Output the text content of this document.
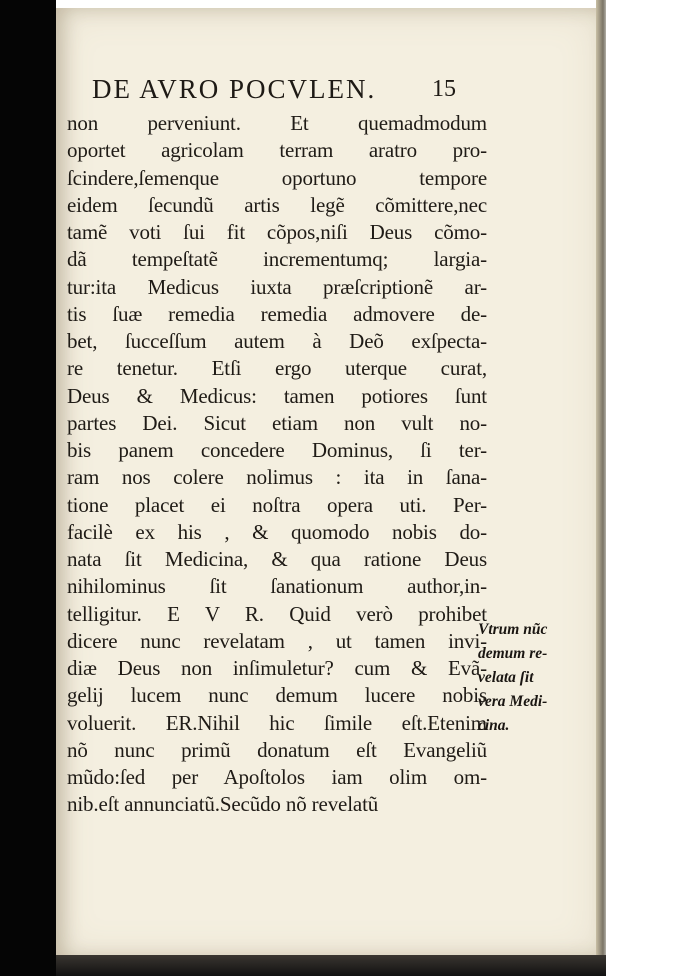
DE AVRO POCVLEN. 15
non perveniunt. Et quemadmodum
oportet agricolam terram aratro pro-
ſcindere,ſemenque oportuno tempore
eidem ſecundũ artis legẽ cõmittere,nec
tamẽ voti ſui fit cõpos,niſi Deus cõmo-
dã tempeſtatẽ incrementumq; largia-
tur:ita Medicus iuxta præſcriptionẽ ar-
tis ſuæ remedia remedia admovere de-
bet, ſucceſſum autem à Deõ exſpecta-
re tenetur. Etſi ergo uterque curat,
Deus & Medicus: tamen potiores ſunt
partes Dei. Sicut etiam non vult no-
bis panem concedere Dominus, ſi ter-
ram nos colere nolimus : ita in ſana-
tione placet ei noſtra opera uti. Per-
facilè ex his , & quomodo nobis do-
nata ſit Medicina, & qua ratione Deus
nihilominus ſit ſanationum author,in-
telligitur. E V R. Quid verò prohibet
dicere nunc revelatam , ut tamen invi-
diæ Deus non inſimuletur? cum & Evã-
gelij lucem nunc demum lucere nobis
voluerit. ER.Nihil hic ſimile eſt.Etenim
nõ nunc primũ donatum eſt Evangeliũ
mũdo:ſed per Apoſtolos iam olim om-
nib.eſt annunciatũ.Secũdo nõ revelatũ
Vtrum nũc
demum re-
velata ſit
vera Medi-
cina.
